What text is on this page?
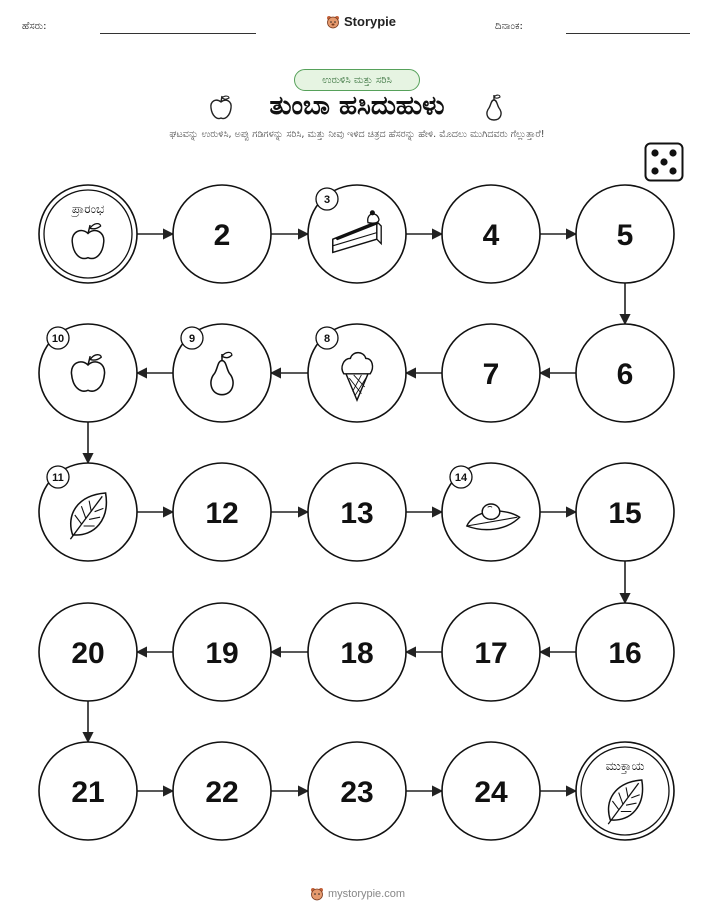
ಹೆಸರು:	Storypie	ದಿನಾಂಕ:
ಉರುಳಿಸಿ ಮತ್ತು ಸರಿಸಿ
ತುಂಬಾ ಹಸಿದುಹುಳು
ಘಟವನ್ನು ಉರುಳಿಸಿ, ಅಪ್ಪು ಗಡಿಗಳನ್ನು ಸರಿಸಿ, ಮತ್ತು ನೀವು ಇಳಿದ ಚಿತ್ರದ ಹೆಸರನ್ನು ಹೇಳಿ. ಮೊದಲು ಮುಗಿದವರು ಗೆಲ್ಲುತ್ತಾರೆ!
ಪ್ರಾರಂಭ
2
3
4	5
6
7
8
9
10
11
12	13
14
15
16
17
18
19
20
21	22	23	24
ಮುಕ್ತಾಯ
mystorypie.com
